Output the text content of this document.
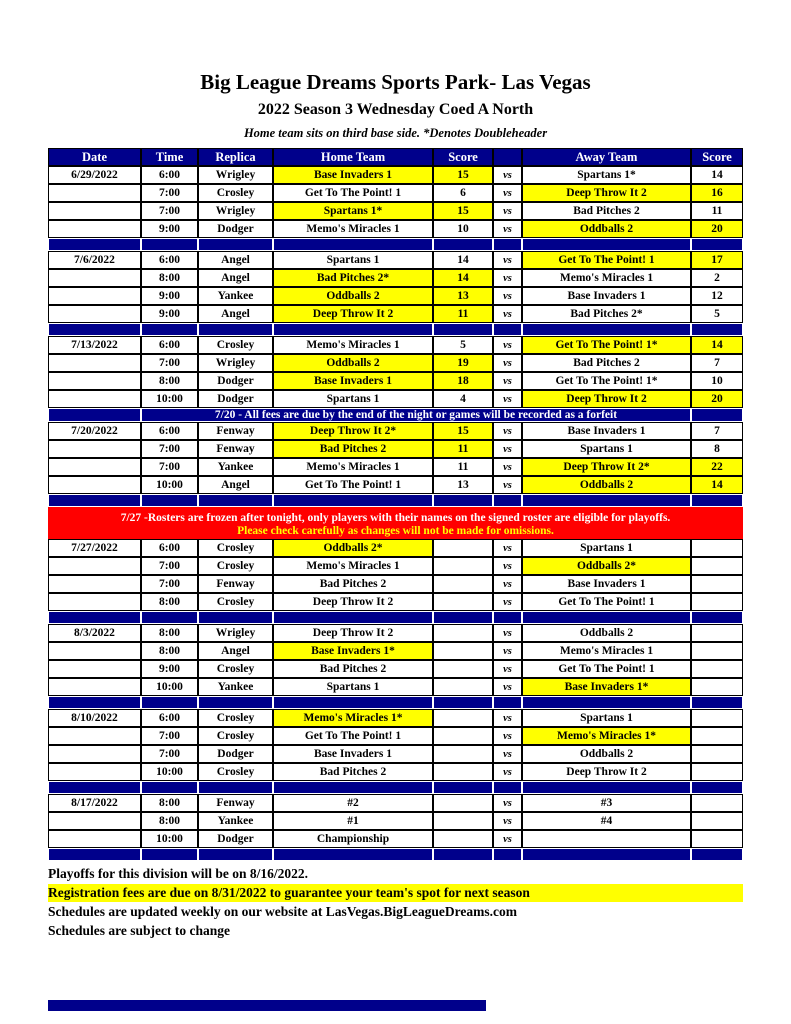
Big League Dreams Sports Park- Las Vegas
2022 Season 3 Wednesday Coed A North
Home team sits on third base side. *Denotes Doubleheader
Date	Time	Replica	Home Team	Score		Away Team	Score
6/29/2022	6:00	Wrigley	Base Invaders 1	15	vs	Spartans 1*	14
	7:00	Crosley	Get To The Point! 1	6	vs	Deep Throw It 2	16
	7:00	Wrigley	Spartans 1*	15	vs	Bad Pitches 2	11
	9:00	Dodger	Memo's Miracles 1	10	vs	Oddballs 2	20

7/6/2022	6:00	Angel	Spartans 1	14	vs	Get To The Point! 1	17
	8:00	Angel	Bad Pitches 2*	14	vs	Memo's Miracles 1	2
	9:00	Yankee	Oddballs 2	13	vs	Base Invaders 1	12
	9:00	Angel	Deep Throw It 2	11	vs	Bad Pitches 2*	5

7/13/2022	6:00	Crosley	Memo's Miracles 1	5	vs	Get To The Point! 1*	14
	7:00	Wrigley	Oddballs 2	19	vs	Bad Pitches 2	7
	8:00	Dodger	Base Invaders 1	18	vs	Get To The Point! 1*	10
	10:00	Dodger	Spartans 1	4	vs	Deep Throw It 2	20
	7/20 - All fees are due by the end of the night or games will be recorded as a forfeit						
7/20/2022	6:00	Fenway	Deep Throw It 2*	15	vs	Base Invaders 1	7
	7:00	Fenway	Bad Pitches 2	11	vs	Spartans 1	8
	7:00	Yankee	Memo's Miracles 1	11	vs	Deep Throw It 2*	22
	10:00	Angel	Get To The Point! 1	13	vs	Oddballs 2	14

7/27 -Rosters are frozen after tonight, only players with their names on the signed roster are eligible for playoffs.
Please check carefully as changes will not be made for omissions.							

7/27/2022	6:00	Crosley	Oddballs 2*		vs	Spartans 1	
	7:00	Crosley	Memo's Miracles 1		vs	Oddballs 2*	
	7:00	Fenway	Bad Pitches 2		vs	Base Invaders 1	
	8:00	Crosley	Deep Throw It 2		vs	Get To The Point! 1	

8/3/2022	8:00	Wrigley	Deep Throw It 2		vs	Oddballs 2	
	8:00	Angel	Base Invaders 1*		vs	Memo's Miracles 1	
	9:00	Crosley	Bad Pitches 2		vs	Get To The Point! 1	
	10:00	Yankee	Spartans 1		vs	Base Invaders 1*	

8/10/2022	6:00	Crosley	Memo's Miracles 1*		vs	Spartans 1	
	7:00	Crosley	Get To The Point! 1		vs	Memo's Miracles 1*	
	7:00	Dodger	Base Invaders 1		vs	Oddballs 2	
	10:00	Crosley	Bad Pitches 2		vs	Deep Throw It 2	

8/17/2022	8:00	Fenway	#2		vs	#3	
	8:00	Yankee	#1		vs	#4	
	10:00	Dodger	Championship		vs		

Playoffs for this division will be on 8/16/2022.
Registration fees are due on 8/31/2022 to guarantee your team's spot for next season
Schedules are updated weekly on our website at LasVegas.BigLeagueDreams.com
Schedules are subject to change
